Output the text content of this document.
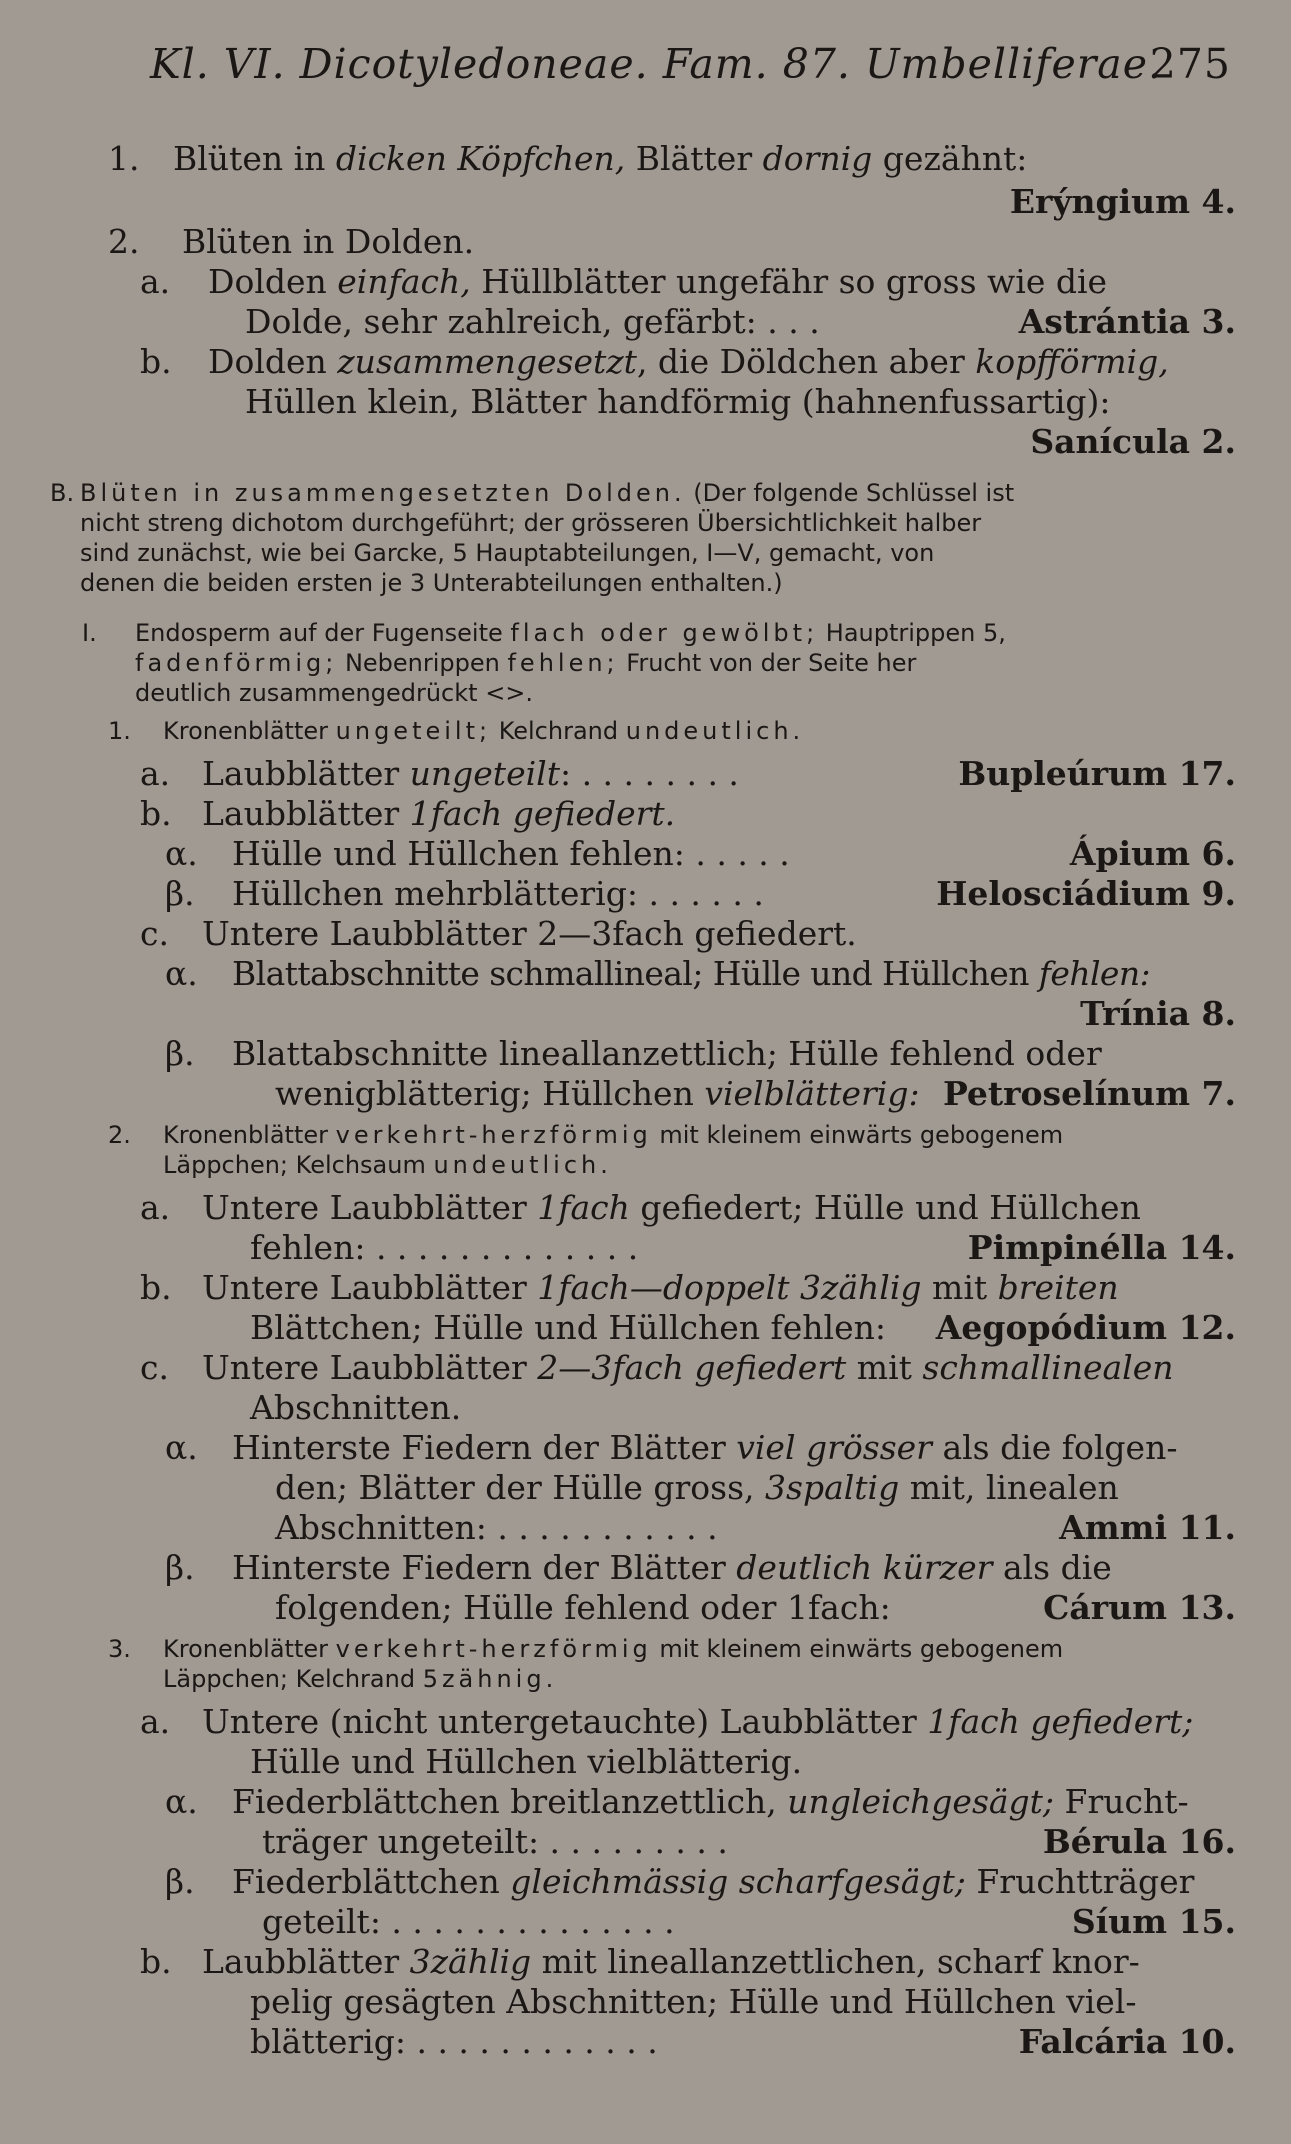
Kl. VI. Dicotyledoneae. Fam. 87. Umbelliferae.
275
1. Blüten in dicken Köpfchen, Blätter dornig gezähnt:
Erýngium 4.
2. Blüten in Dolden.
a. Dolden einfach, Hüllblätter ungefähr so gross wie die
Dolde, sehr zahlreich, gefärbt: . . .	Astrántia 3.
b. Dolden zusammengesetzt, die Döldchen aber kopfförmig,
Hüllen klein, Blätter handförmig (hahnenfussartig):
Sanícula 2.
B. Blüten in zusammengesetzten Dolden. (Der folgende Schlüssel ist
nicht streng dichotom durchgeführt; der grösseren Übersichtlichkeit halber
sind zunächst, wie bei Garcke, 5 Hauptabteilungen, I—V, gemacht, von
denen die beiden ersten je 3 Unterabteilungen enthalten.)
I. Endosperm auf der Fugenseite flach oder gewölbt; Hauptrippen 5,
fadenförmig; Nebenrippen fehlen; Frucht von der Seite her
deutlich zusammengedrückt <>.
1. Kronenblätter ungeteilt; Kelchrand undeutlich.
a. Laubblätter ungeteilt: . . . . . . . .	Bupleúrum 17.
b. Laubblätter 1fach gefiedert.
α. Hülle und Hüllchen fehlen: . . . . .	Ápium 6.
β. Hüllchen mehrblätterig: . . . . . .	Helosciádium 9.
c. Untere Laubblätter 2—3fach gefiedert.
α. Blattabschnitte schmallineal; Hülle und Hüllchen fehlen:
Trínia 8.
β. Blattabschnitte lineallanzettlich; Hülle fehlend oder
wenigblätterig; Hüllchen vielblätterig: Petroselínum 7.
2. Kronenblätter verkehrt-herzförmig mit kleinem einwärts gebogenem
Läppchen; Kelchsaum undeutlich.
a. Untere Laubblätter 1fach gefiedert; Hülle und Hüllchen
fehlen: . . . . . . . . . . . . .	Pimpinélla 14.
b. Untere Laubblätter 1fach—doppelt 3zählig mit breiten
Blättchen; Hülle und Hüllchen fehlen: Aegopódium 12.
c. Untere Laubblätter 2—3fach gefiedert mit schmallinealen
Abschnitten.
α. Hinterste Fiedern der Blätter viel grösser als die folgen-
den; Blätter der Hülle gross, 3spaltig mit, linealen
Abschnitten: . . . . . . . . . . .	Ammi 11.
β. Hinterste Fiedern der Blätter deutlich kürzer als die
folgenden; Hülle fehlend oder 1fach:	Cárum 13.
3. Kronenblätter verkehrt-herzförmig mit kleinem einwärts gebogenem
Läppchen; Kelchrand 5zähnig.
a. Untere (nicht untergetauchte) Laubblätter 1fach gefiedert;
Hülle und Hüllchen vielblätterig.
α. Fiederblättchen breitlanzettlich, ungleichgesägt; Frucht-
träger ungeteilt: . . . . . . . . .	Bérula 16.
β. Fiederblättchen gleichmässig scharfgesägt; Fruchtträger
geteilt: . . . . . . . . . . . . . .	Síum 15.
b. Laubblätter 3zählig mit lineallanzettlichen, scharf knor-
pelig gesägten Abschnitten; Hülle und Hüllchen viel-
blätterig: . . . . . . . . . . . .	Falcária 10.
